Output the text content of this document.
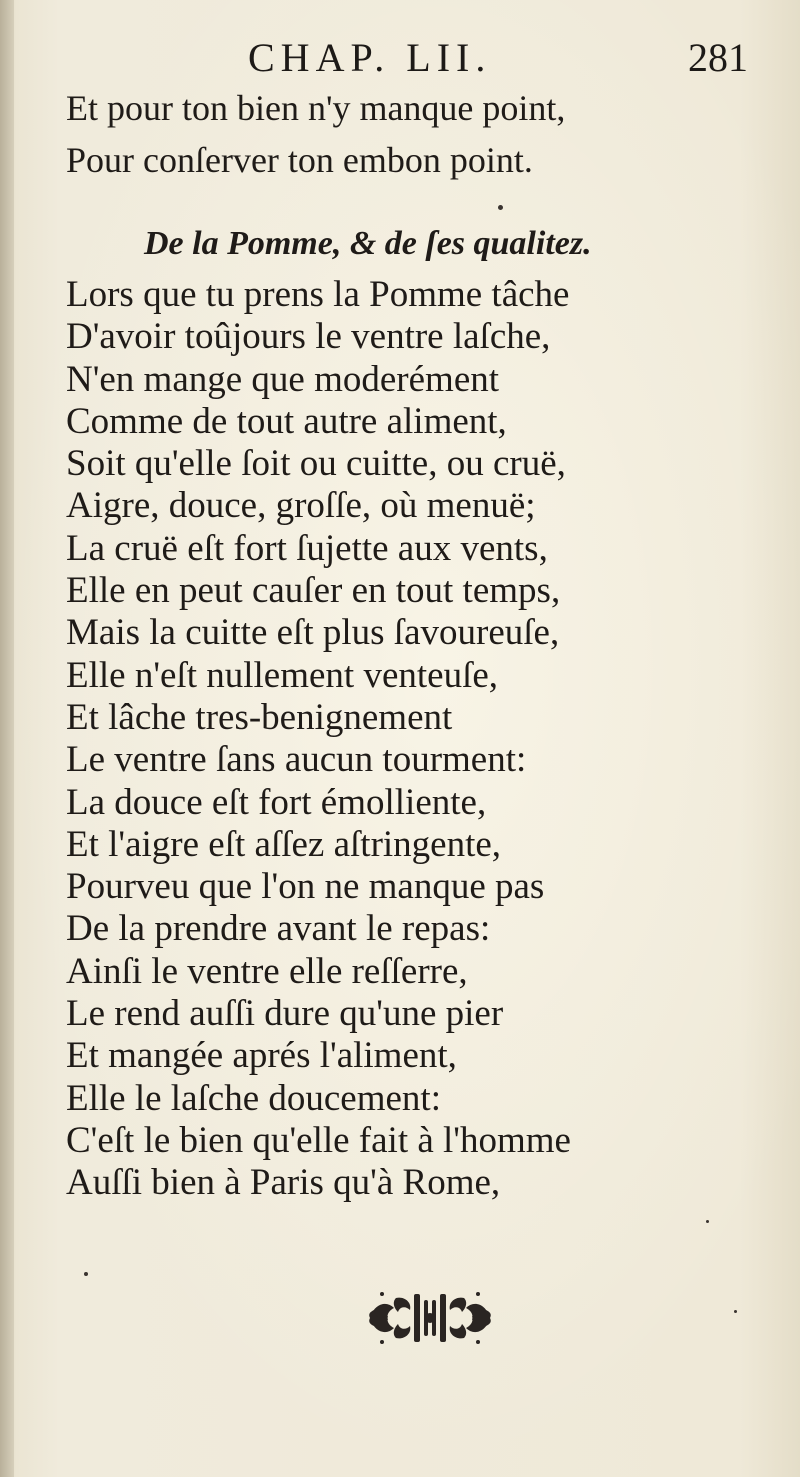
CHAP. LII.	281
Et pour ton bien n'y manque point,
Pour conſerver ton embon point.
De la Pomme, & de ſes qualitez.
Lors que tu prens la Pomme tâche
D'avoir toûjours le ventre laſche,
N'en mange que moderément
Comme de tout autre aliment,
Soit qu'elle ſoit ou cuitte, ou cruë,
Aigre, douce, groſſe, où menuë;
La cruë eſt fort ſujette aux vents,
Elle en peut cauſer en tout temps,
Mais la cuitte eſt plus ſavoureuſe,
Elle n'eſt nullement venteuſe,
Et lâche tres-benignement
Le ventre ſans aucun tourment:
La douce eſt fort émolliente,
Et l'aigre eſt aſſez aſtringente,
Pourveu que l'on ne manque pas
De la prendre avant le repas:
Ainſi le ventre elle reſſerre,
Le rend auſſi dure qu'une pier
Et mangée aprés l'aliment,
Elle le laſche doucement:
C'eſt le bien qu'elle fait à l'homme
Auſſi bien à Paris qu'à Rome,
